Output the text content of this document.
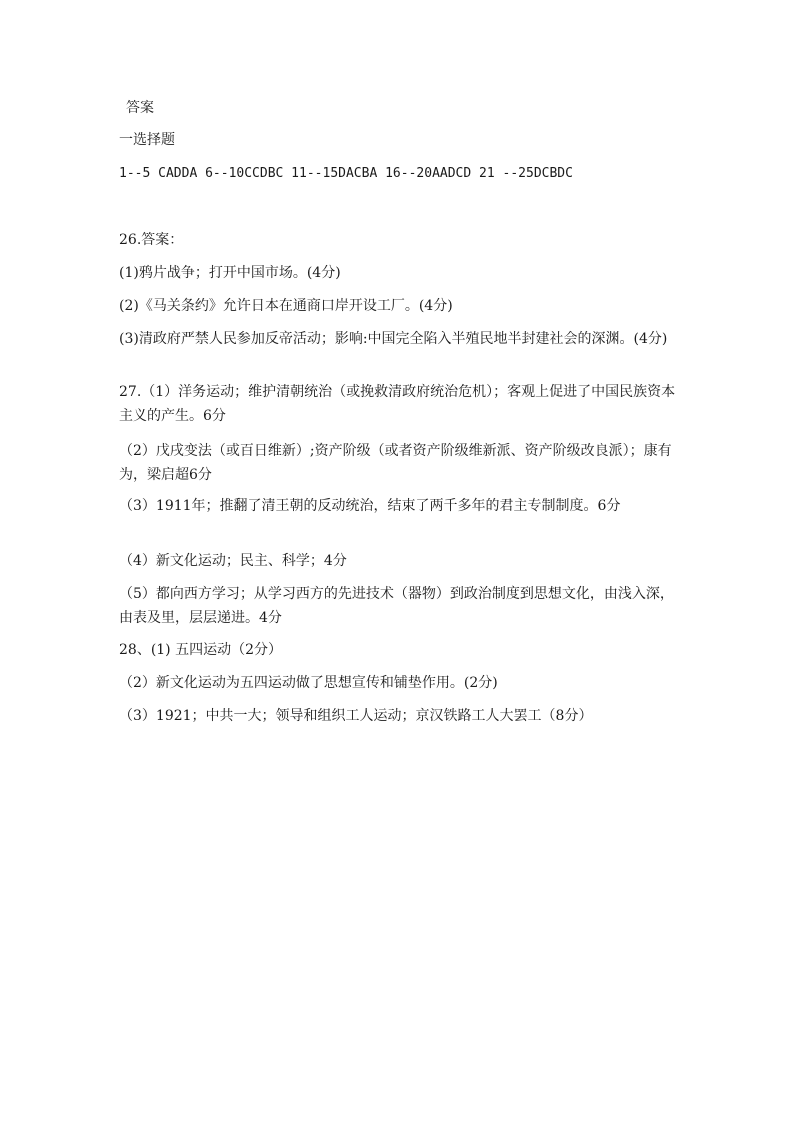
答案
一选择题
1--5 CADDA 6--10CCDBC 11--15DACBA 16--20AADCD 21 --25DCBDC
26.答案：
(1)鸦片战争；打开中国市场。(4分)
(2)《马关条约》允许日本在通商口岸开设工厂。(4分)
(3)清政府严禁人民参加反帝活动；影响:中国完全陷入半殖民地半封建社会的深渊。(4分)
27.（1）洋务运动；维护清朝统治（或挽救清政府统治危机）；客观上促进了中国民族资本主义的产生。6分
（2）戊戌变法（或百日维新）;资产阶级（或者资产阶级维新派、资产阶级改良派）；康有为，梁启超6分
（3）1911年；推翻了清王朝的反动统治，结束了两千多年的君主专制制度。6分
（4）新文化运动；民主、科学；4分
（5）都向西方学习；从学习西方的先进技术（器物）到政治制度到思想文化，由浅入深，由表及里，层层递进。4分
28、(1) 五四运动（2分）
（2）新文化运动为五四运动做了思想宣传和铺垫作用。(2分)
（3）1921；中共一大；领导和组织工人运动；京汉铁路工人大罢工（8分）
